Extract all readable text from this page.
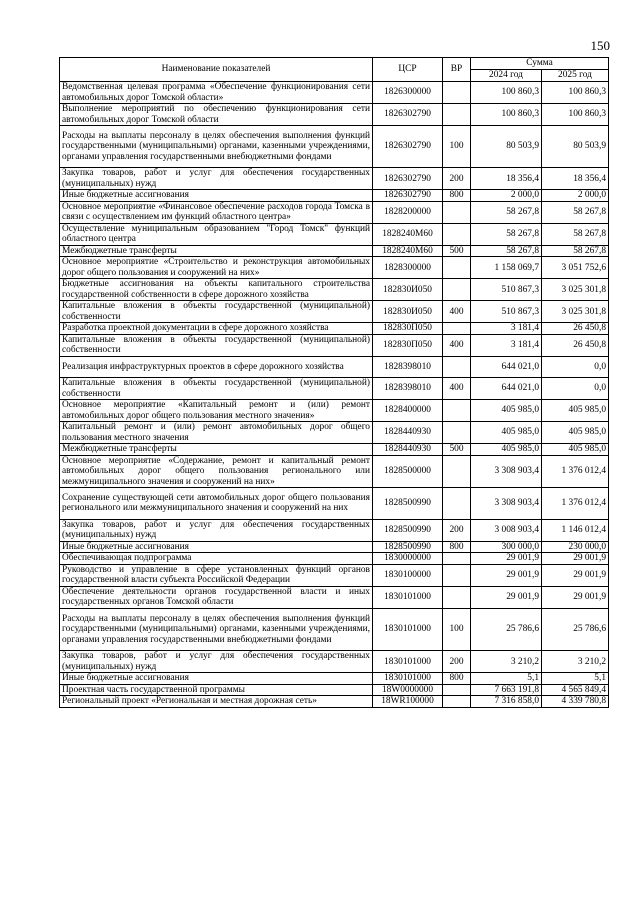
150
Наименование показателей	ЦСР	ВР	Сумма	
			2024 год	2025 год
Ведомственная целевая программа «Обеспечение функционирования сети автомобильных дорог Томской области»	1826300000		100 860,3	100 860,3
Выполнение мероприятий по обеспечению функционирования сети автомобильных дорог Томской области	1826302790		100 860,3	100 860,3
Расходы на выплаты персоналу в целях обеспечения выполнения функций государственными (муниципальными) органами, казенными учреждениями, органами управления государственными внебюджетными фондами	1826302790	100	80 503,9	80 503,9
Закупка товаров, работ и услуг для обеспечения государственных (муниципальных) нужд	1826302790	200	18 356,4	18 356,4
Иные бюджетные ассигнования	1826302790	800	2 000,0	2 000,0
Основное мероприятие «Финансовое обеспечение расходов города Томска в связи с осуществлением им функций областного центра»	1828200000		58 267,8	58 267,8
Осуществление муниципальным образованием "Город Томск" функций областного центра	1828240М60		58 267,8	58 267,8
Межбюджетные трансферты	1828240М60	500	58 267,8	58 267,8
Основное мероприятие «Строительство и реконструкция автомобильных дорог общего пользования и сооружений на них»	1828300000		1 158 069,7	3 051 752,6
Бюджетные ассигнования на объекты капитального строительства государственной собственности в сфере дорожного хозяйства	182830И050		510 867,3	3 025 301,8
Капитальные вложения в объекты государственной (муниципальной) собственности	182830И050	400	510 867,3	3 025 301,8
Разработка проектной документации в сфере дорожного хозяйства	182830П050		3 181,4	26 450,8
Капитальные вложения в объекты государственной (муниципальной) собственности	182830П050	400	3 181,4	26 450,8
Реализация инфраструктурных проектов в сфере дорожного хозяйства	1828398010		644 021,0	0,0
Капитальные вложения в объекты государственной (муниципальной) собственности	1828398010	400	644 021,0	0,0
Основное мероприятие «Капитальный ремонт и (или) ремонт автомобильных дорог общего пользования местного значения»	1828400000		405 985,0	405 985,0
Капитальный ремонт и (или) ремонт автомобильных дорог общего пользования местного значения	1828440930		405 985,0	405 985,0
Межбюджетные трансферты	1828440930	500	405 985,0	405 985,0
Основное мероприятие «Содержание, ремонт и капитальный ремонт автомобильных дорог общего пользования регионального или межмуниципального значения и сооружений на них»	1828500000		3 308 903,4	1 376 012,4
Сохранение существующей сети автомобильных дорог общего пользования регионального или межмуниципального значения и сооружений на них	1828500990		3 308 903,4	1 376 012,4
Закупка товаров, работ и услуг для обеспечения государственных (муниципальных) нужд	1828500990	200	3 008 903,4	1 146 012,4
Иные бюджетные ассигнования	1828500990	800	300 000,0	230 000,0
Обеспечивающая подпрограмма	1830000000		29 001,9	29 001,9
Руководство и управление в сфере установленных функций органов государственной власти субъекта Российской Федерации	1830100000		29 001,9	29 001,9
Обеспечение деятельности органов государственной власти и иных государственных органов Томской области	1830101000		29 001,9	29 001,9
Расходы на выплаты персоналу в целях обеспечения выполнения функций государственными (муниципальными) органами, казенными учреждениями, органами управления государственными внебюджетными фондами	1830101000	100	25 786,6	25 786,6
Закупка товаров, работ и услуг для обеспечения государственных (муниципальных) нужд	1830101000	200	3 210,2	3 210,2
Иные бюджетные ассигнования	1830101000	800	5,1	5,1
Проектная часть государственной программы	18W0000000		7 663 191,8	4 565 849,4
Региональный проект «Региональная и местная дорожная сеть»	18WR100000		7 316 858,0	4 339 780,8
